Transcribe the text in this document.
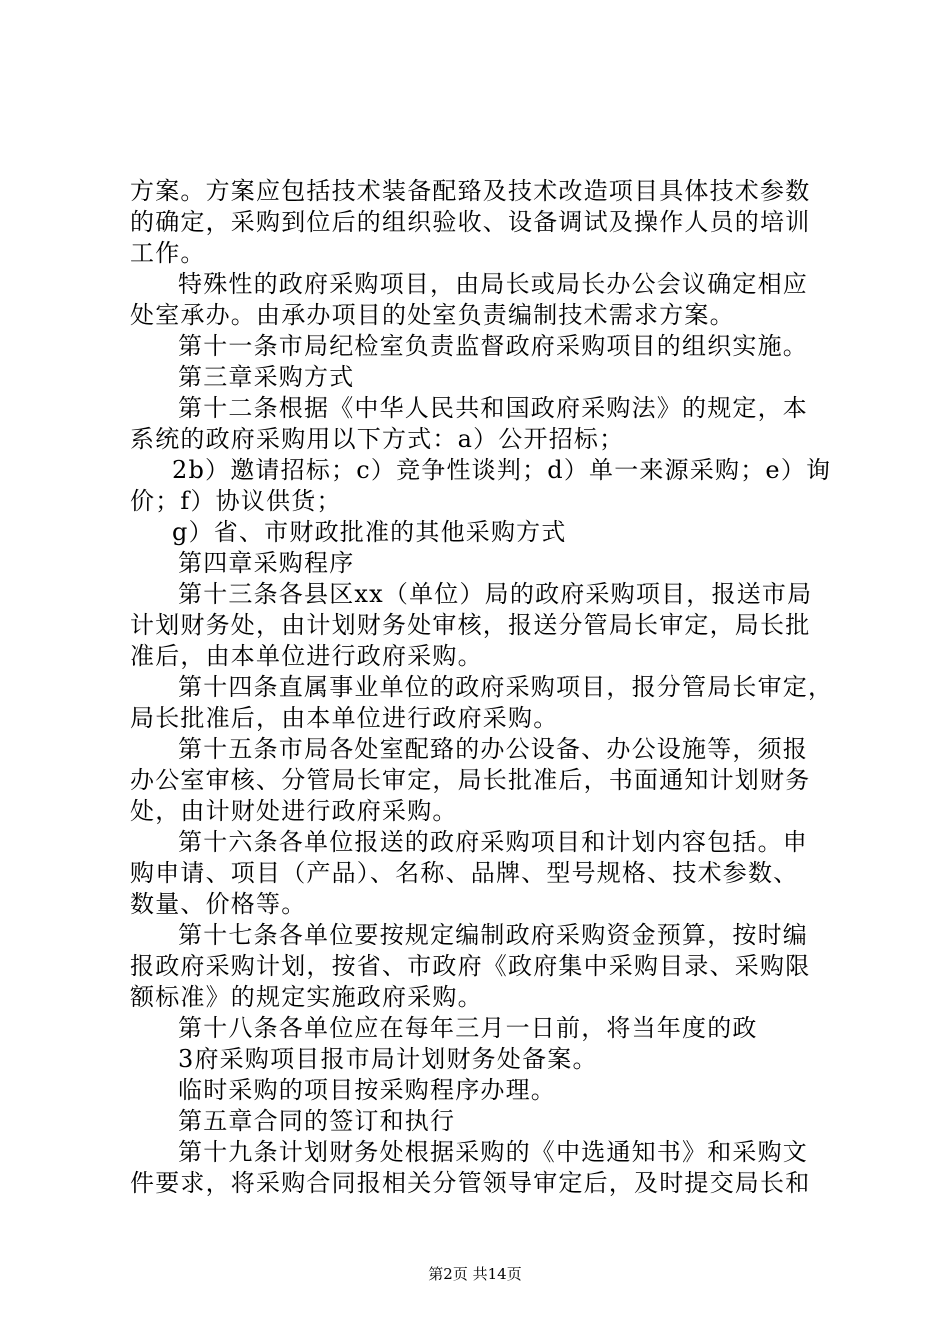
方案。方案应包括技术装备配臵及技术改造项目具体技术参数
的确定，采购到位后的组织验收、设备调试及操作人员的培训
工作。
特殊性的政府采购项目，由局长或局长办公会议确定相应
处室承办。由承办项目的处室负责编制技术需求方案。
第十一条市局纪检室负责监督政府采购项目的组织实施。
第三章采购方式
第十二条根据《中华人民共和国政府采购法》的规定，本
系统的政府采购用以下方式：a）公开招标；
2b）邀请招标；c）竞争性谈判；d）单一来源采购；e）询
价；f）协议供货；
g）省、市财政批准的其他采购方式
第四章采购程序
第十三条各县区xx（单位）局的政府采购项目，报送市局
计划财务处，由计划财务处审核，报送分管局长审定，局长批
准后，由本单位进行政府采购。
第十四条直属事业单位的政府采购项目，报分管局长审定，
局长批准后，由本单位进行政府采购。
第十五条市局各处室配臵的办公设备、办公设施等，须报
办公室审核、分管局长审定，局长批准后，书面通知计划财务
处，由计财处进行政府采购。
第十六条各单位报送的政府采购项目和计划内容包括。申
购申请、项目（产品）、名称、品牌、型号规格、技术参数、
数量、价格等。
第十七条各单位要按规定编制政府采购资金预算，按时编
报政府采购计划，按省、市政府《政府集中采购目录、采购限
额标准》的规定实施政府采购。
第十八条各单位应在每年三月一日前，将当年度的政
3府采购项目报市局计划财务处备案。
临时采购的项目按采购程序办理。
第五章合同的签订和执行
第十九条计划财务处根据采购的《中选通知书》和采购文
件要求，将采购合同报相关分管领导审定后，及时提交局长和
第2页 共14页
